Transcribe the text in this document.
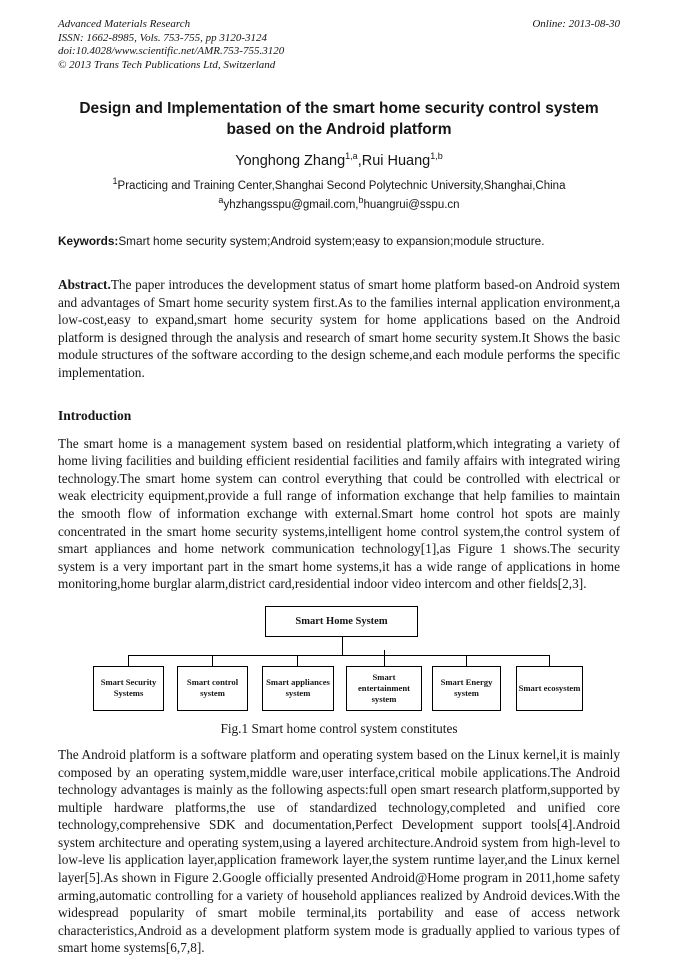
Advanced Materials Research	Online: 2013-08-30
ISSN: 1662-8985, Vols. 753-755, pp 3120-3124
doi:10.4028/www.scientific.net/AMR.753-755.3120
© 2013 Trans Tech Publications Ltd, Switzerland
Design and Implementation of the smart home security control system based on the Android platform
Yonghong Zhang$^{1,a}$,Rui Huang$^{1,b}$
$^1$Practicing and Training Center,Shanghai Second Polytechnic University,Shanghai,China
$^a$yhzhangsspu@gmail.com,$^b$huangrui@sspu.cn
Keywords:Smart home security system;Android system;easy to expansion;module structure.
Abstract.The paper introduces the development status of smart home platform based-on Android system and advantages of Smart home security system first.As to the families internal application environment,a low-cost,easy to expand,smart home security system for home applications based on the Android platform is designed through the analysis and research of smart home security system.It Shows the basic module structures of the software according to the design scheme,and each module performs the specific implementation.
Introduction
The smart home is a management system based on residential platform,which integrating a variety of home living facilities and building efficient residential facilities and family affairs with integrated wiring technology.The smart home system can control everything that could be controlled with electrical or weak electricity equipment,provide a full range of information exchange that help families to maintain the smooth flow of information exchange with external.Smart home control hot spots are mainly concentrated in the smart home security systems,intelligent home control system,the control system of smart appliances and home network communication technology[1],as Figure 1 shows.The security system is a very important part in the smart home systems,it has a wide range of applications in home monitoring,home burglar alarm,district card,residential indoor video intercom and other fields[2,3].
Smart Home System
Smart Security Systems
Smart control system
Smart appliances system
Smart entertainment system
Smart Energy system
Smart ecosystem
Fig.1 Smart home control system constitutes
The Android platform is a software platform and operating system based on the Linux kernel,it is mainly composed by an operating system,middle ware,user interface,critical mobile applications.The Android technology advantages is mainly as the following aspects:full open smart research platform,supported by multiple hardware platforms,the use of standardized technology,completed and unified core technology,comprehensive SDK and documentation,Perfect Development support tools[4].Android system architecture and operating system,using a layered architecture.Android system from high-level to low-leve lis application layer,application framework layer,the system runtime layer,and the Linux kernel layer[5].As shown in Figure 2.Google officially presented Android@Home program in 2011,home safety arming,automatic controlling for a variety of household appliances realized by Android devices.With the widespread popularity of smart mobile terminal,its portability and ease of access network characteristics,Android as a development platform system mode is gradually applied to various types of smart home systems[6,7,8].
